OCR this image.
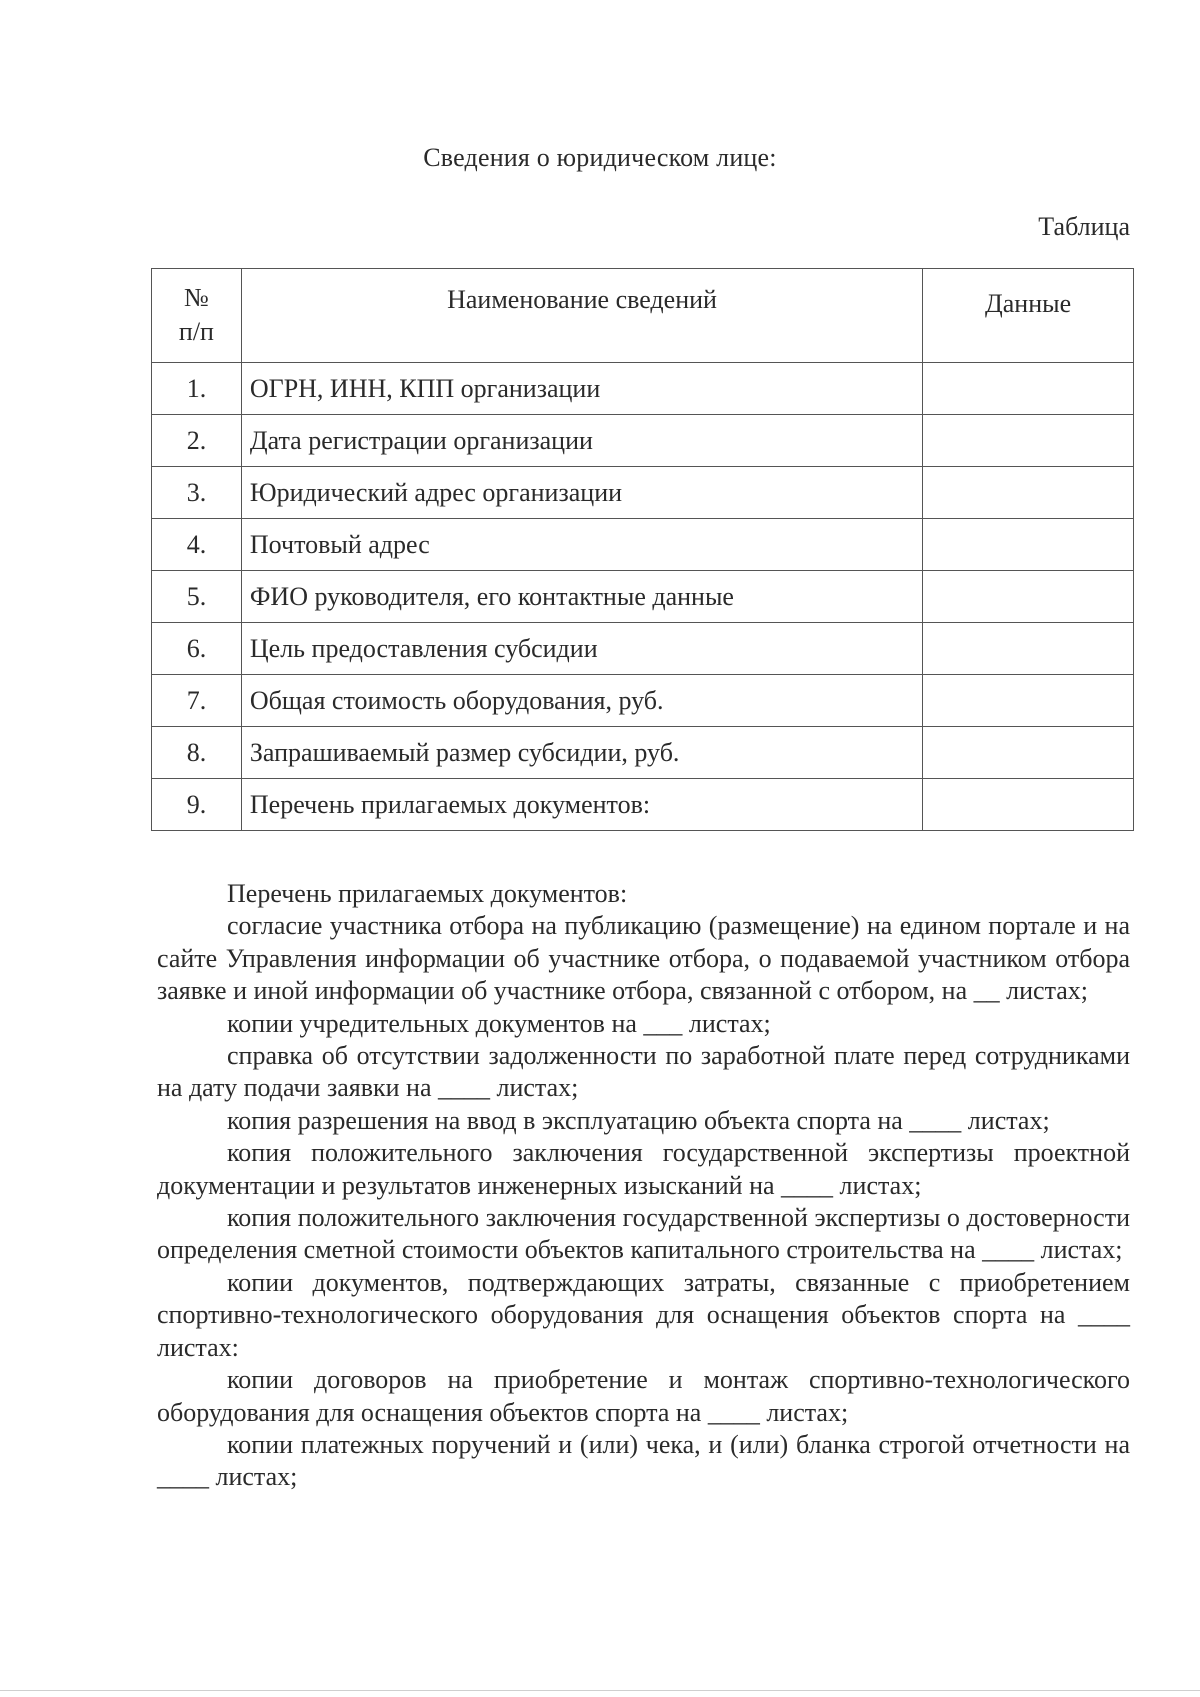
Сведения о юридическом лице:
Таблица
№
п/п	Наименование сведений	Данные
1.	ОГРН, ИНН, КПП организации	
2.	Дата регистрации организации	
3.	Юридический адрес организации	
4.	Почтовый адрес	
5.	ФИО руководителя, его контактные данные	
6.	Цель предоставления субсидии	
7.	Общая стоимость оборудования, руб.	
8.	Запрашиваемый размер субсидии, руб.	
9.	Перечень прилагаемых документов:	

Перечень прилагаемых документов:

согласие участника отбора на публикацию (размещение) на едином портале и на сайте Управления информации об участнике отбора, о подаваемой участником отбора заявке и иной информации об участнике отбора, связанной с отбором, на __ листах;

копии учредительных документов на ___ листах;

справка об отсутствии задолженности по заработной плате перед сотрудниками на дату подачи заявки на ____ листах;

копия разрешения на ввод в эксплуатацию объекта спорта на ____ листах;

копия положительного заключения государственной экспертизы проектной документации и результатов инженерных изысканий на ____ листах;

копия положительного заключения государственной экспертизы о достоверности определения сметной стоимости объектов капитального строительства на ____ листах;

копии документов, подтверждающих затраты, связанные с приобретением спортивно-технологического оборудования для оснащения объектов спорта на ____ листах:

копии договоров на приобретение и монтаж спортивно-технологического оборудования для оснащения объектов спорта на ____ листах;

копии платежных поручений и (или) чека, и (или) бланка строгой отчетности на ____ листах;
